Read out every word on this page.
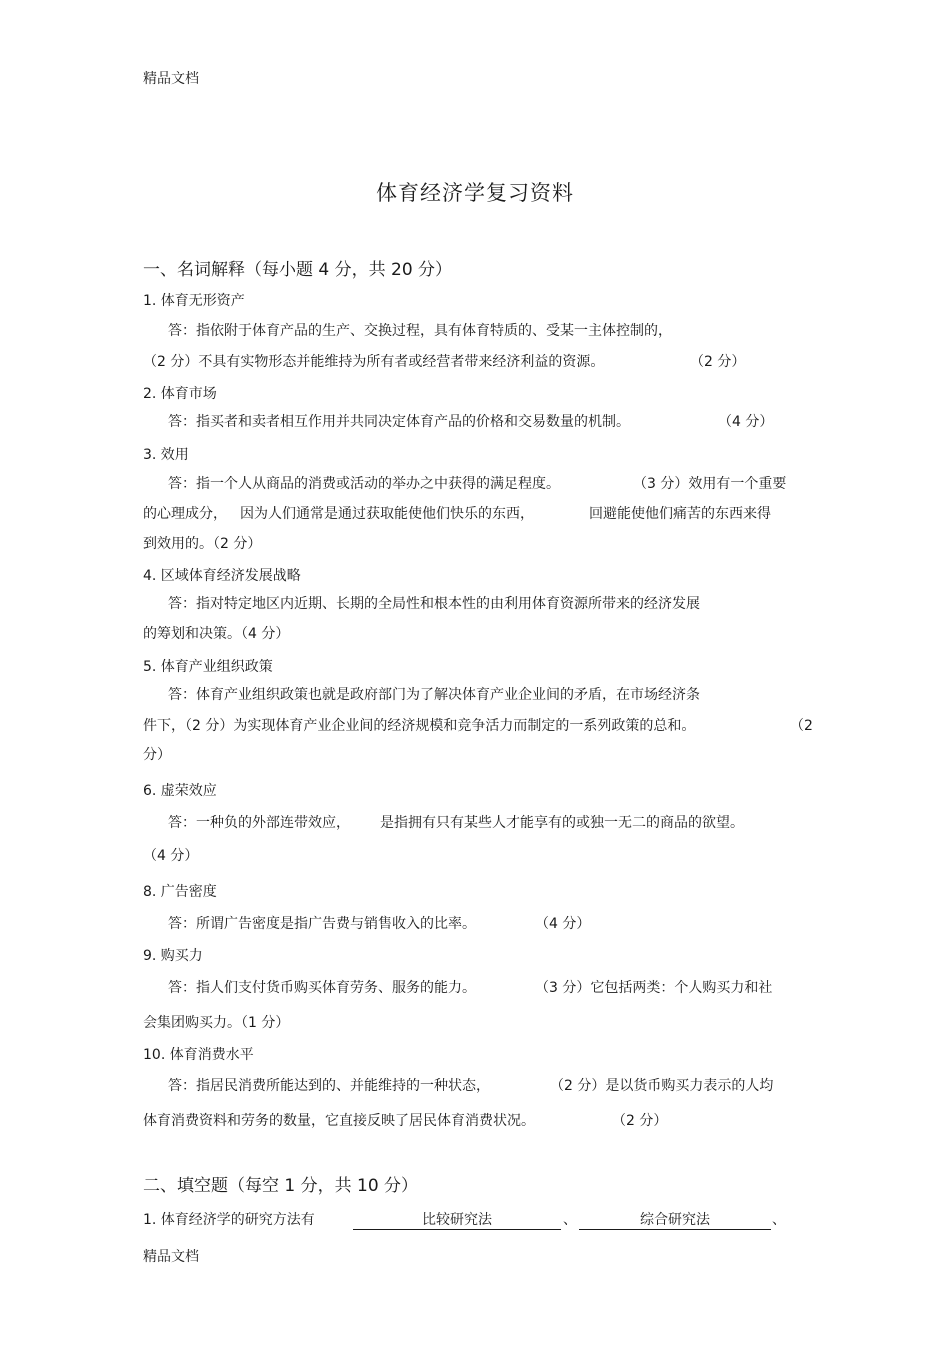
精品文档
精品文档
体育经济学复习资料
一、名词解释（每小题 4 分，共 20 分）
1. 体育无形资产
答：指依附于体育产品的生产、交换过程，具有体育特质的、受某一主体控制的，
（2 分）不具有实物形态并能维持为所有者或经营者带来经济利益的资源。	（2 分）
2. 体育市场
答：指买者和卖者相互作用并共同决定体育产品的价格和交易数量的机制。	（4 分）
3. 效用
答：指一个人从商品的消费或活动的举办之中获得的满足程度。	（3 分）效用有一个重要
的心理成分， 因为人们通常是通过获取能使他们快乐的东西，	回避能使他们痛苦的东西来得
到效用的。（2 分）
4. 区域体育经济发展战略
答：指对特定地区内近期、长期的全局性和根本性的由利用体育资源所带来的经济发展
的筹划和决策。（4 分）
5. 体育产业组织政策
答：体育产业组织政策也就是政府部门为了解决体育产业企业间的矛盾，在市场经济条
件下，（2 分）为实现体育产业企业间的经济规模和竞争活力而制定的一系列政策的总和。	（2
分）
6. 虚荣效应
答：一种负的外部连带效应， 是指拥有只有某些人才能享有的或独一无二的商品的欲望。
（4 分）
8. 广告密度
答：所谓广告密度是指广告费与销售收入的比率。	（4 分）
9. 购买力
答：指人们支付货币购买体育劳务、服务的能力。	（3 分）它包括两类：个人购买力和社
会集团购买力。（1 分）
10. 体育消费水平
答：指居民消费所能达到的、并能维持的一种状态，	（2 分）是以货币购买力表示的人均
体育消费资料和劳务的数量，它直接反映了居民体育消费状况。	（2 分）
二、填空题（每空 1 分，共 10 分）
1. 体育经济学的研究方法有	比较研究法	、	综合研究法	、
